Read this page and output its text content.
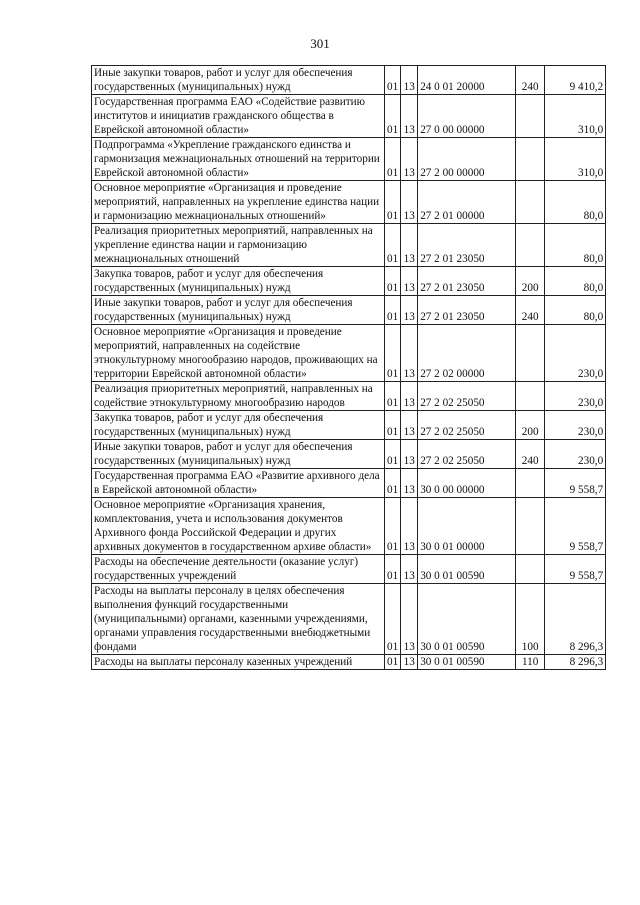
301
Иные закупки товаров, работ и услуг для обеспечения государственных (муниципальных) нужд	01	13	24 0 01 20000	240	9 410,2
Государственная программа ЕАО «Содействие развитию институтов и инициатив гражданского общества в Еврейской автономной области»	01	13	27 0 00 00000		310,0
Подпрограмма «Укрепление гражданского единства и гармонизация межнациональных отношений на территории Еврейской автономной области»	01	13	27 2 00 00000		310,0
Основное мероприятие «Организация и проведение мероприятий, направленных на укрепление единства нации и гармонизацию межнациональных отношений»	01	13	27 2 01 00000		80,0
Реализация приоритетных мероприятий, направленных на укрепление единства нации и гармонизацию межнациональных отношений	01	13	27 2 01 23050		80,0
Закупка товаров, работ и услуг для обеспечения государственных (муниципальных) нужд	01	13	27 2 01 23050	200	80,0
Иные закупки товаров, работ и услуг для обеспечения государственных (муниципальных) нужд	01	13	27 2 01 23050	240	80,0
Основное мероприятие «Организация и проведение мероприятий, направленных на содействие этнокультурному многообразию народов, проживающих на территории Еврейской автономной области»	01	13	27 2 02 00000		230,0
Реализация приоритетных мероприятий, направленных на содействие этнокультурному многообразию народов	01	13	27 2 02 25050		230,0
Закупка товаров, работ и услуг для обеспечения государственных (муниципальных) нужд	01	13	27 2 02 25050	200	230,0
Иные закупки товаров, работ и услуг для обеспечения государственных (муниципальных) нужд	01	13	27 2 02 25050	240	230,0
Государственная программа ЕАО «Развитие архивного дела в Еврейской автономной области»	01	13	30 0 00 00000		9 558,7
Основное мероприятие «Организация хранения, комплектования, учета и использования документов Архивного фонда Российской Федерации и других архивных документов в государственном архиве области»	01	13	30 0 01 00000		9 558,7
Расходы на обеспечение деятельности (оказание услуг) государственных учреждений	01	13	30 0 01 00590		9 558,7
Расходы на выплаты персоналу в целях обеспечения выполнения функций государственными (муниципальными) органами, казенными учреждениями, органами управления государственными внебюджетными фондами	01	13	30 0 01 00590	100	8 296,3
Расходы на выплаты персоналу казенных учреждений	01	13	30 0 01 00590	110	8 296,3
